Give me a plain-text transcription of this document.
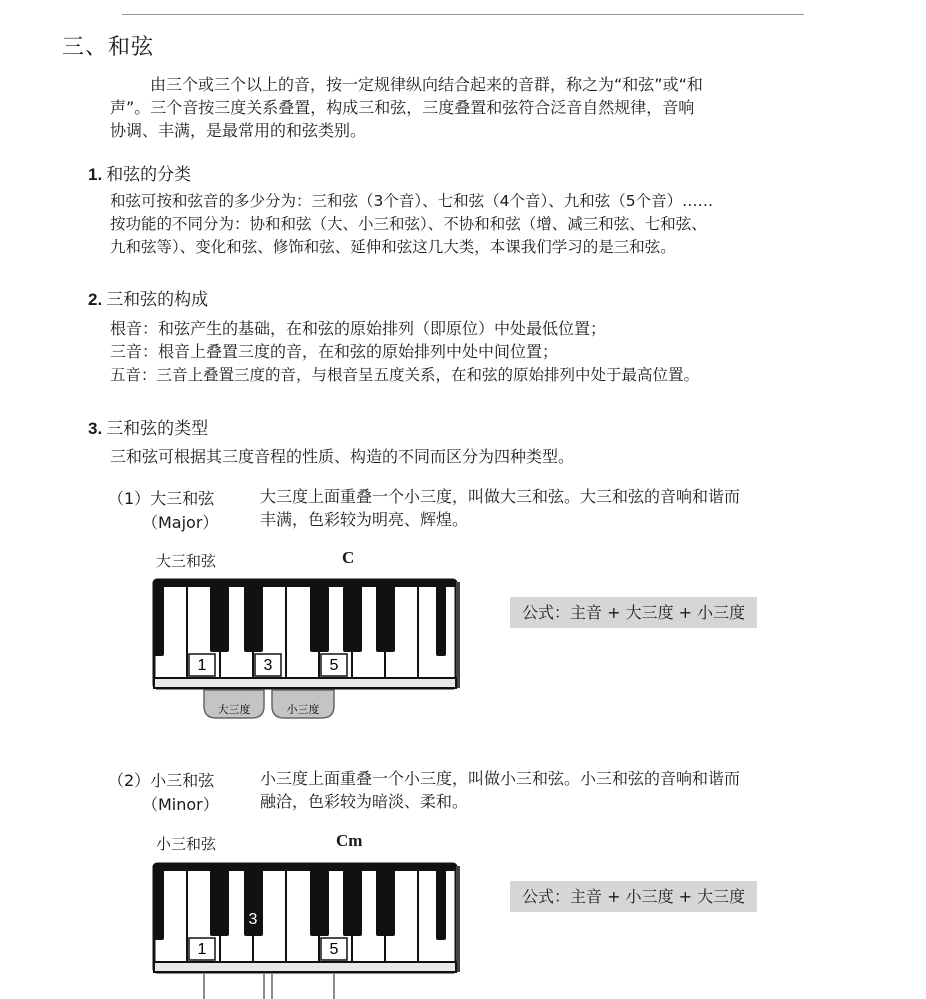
三、和弦
由三个或三个以上的音，按一定规律纵向结合起来的音群，称之为“和弦”或“和
声”。三个音按三度关系叠置，构成三和弦，三度叠置和弦符合泛音自然规律，音响
协调、丰满，是最常用的和弦类别。
1. 和弦的分类
和弦可按和弦音的多少分为：三和弦（3个音）、七和弦（4个音）、九和弦（5个音）……
按功能的不同分为：协和和弦（大、小三和弦）、不协和和弦（增、减三和弦、七和弦、
九和弦等）、变化和弦、修饰和弦、延伸和弦这几大类，本课我们学习的是三和弦。
2. 三和弦的构成
根音：和弦产生的基础，在和弦的原始排列（即原位）中处最低位置；
三音：根音上叠置三度的音，在和弦的原始排列中处中间位置；
五音：三音上叠置三度的音，与根音呈五度关系，在和弦的原始排列中处于最高位置。
3. 三和弦的类型
三和弦可根据其三度音程的性质、构造的不同而区分为四种类型。
（1）大三和弦
（Major）
大三度上面重叠一个小三度，叫做大三和弦。大三和弦的音响和谐而
丰满，色彩较为明亮、辉煌。
大三和弦	C
1	3	5
大三度	小三度
公式：主音 + 大三度 + 小三度
（2）小三和弦
（Minor）
小三度上面重叠一个小三度，叫做小三和弦。小三和弦的音响和谐而
融洽，色彩较为暗淡、柔和。
小三和弦	Cm
1
3
5
公式：主音 + 小三度 + 大三度
